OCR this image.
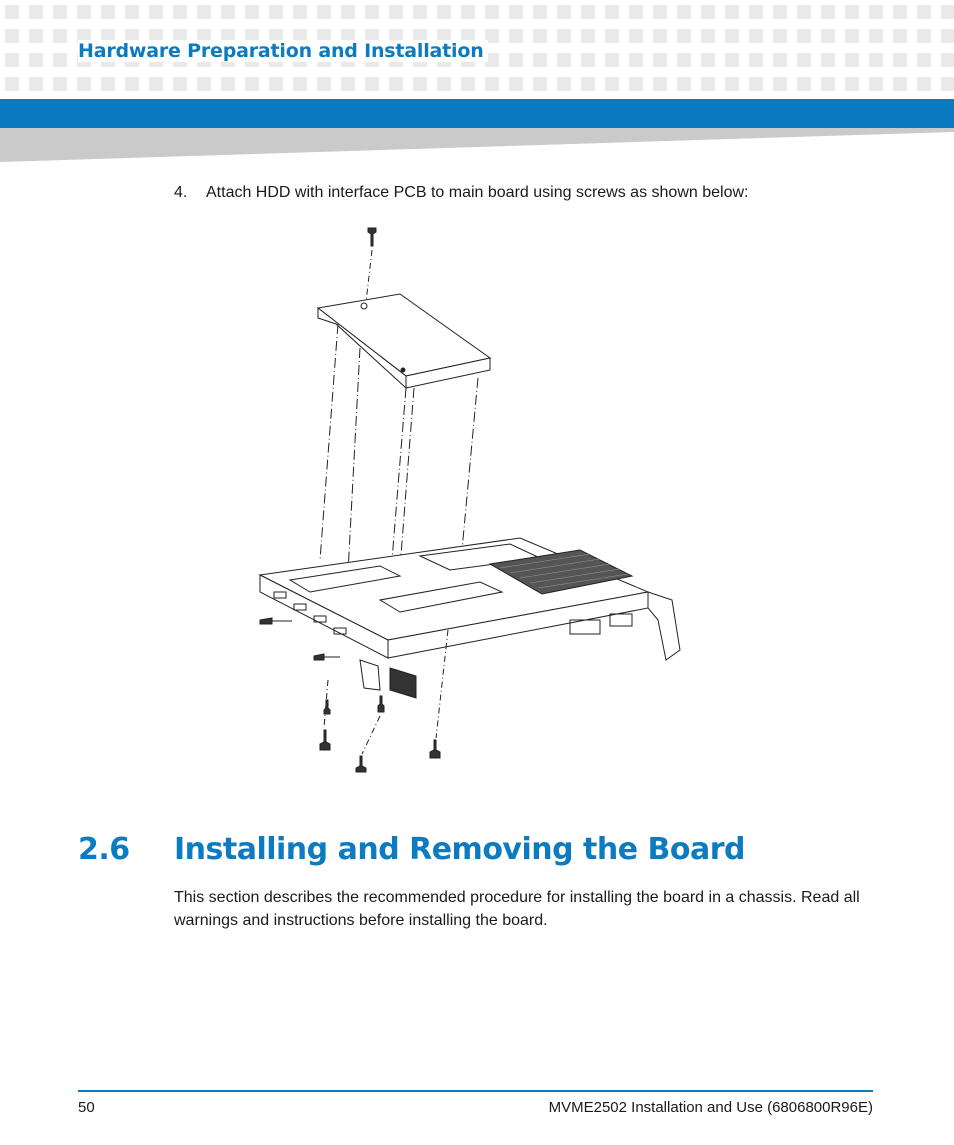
Hardware Preparation and Installation

4. Attach HDD with interface PCB to main board using screws as shown below:

2.6 Installing and Removing the Board

This section describes the recommended procedure for installing the board in a chassis. Read all warnings and instructions before installing the board.

50	MVME2502 Installation and Use (6806800R96E)
